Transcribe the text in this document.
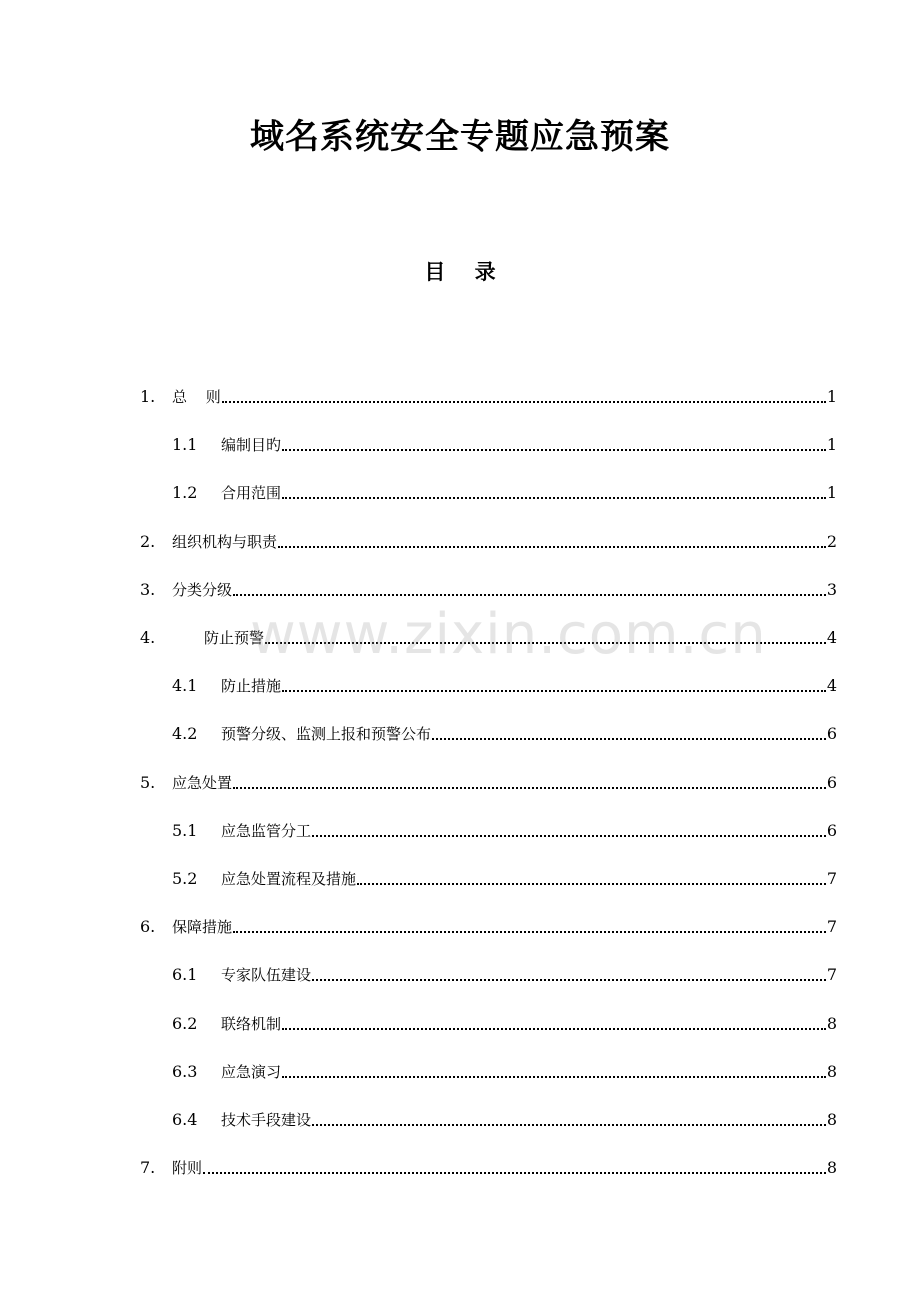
域名系统安全专题应急预案
目 录
1.	总 则	1
1.1	编制目旳	1
1.2	合用范围	1
2.	组织机构与职责	2
3.	分类分级	3
4.	防止预警	4
4.1	防止措施	4
4.2	预警分级、监测上报和预警公布	6
5.	应急处置	6
5.1	应急监管分工	6
5.2	应急处置流程及措施	7
6.	保障措施	7
6.1	专家队伍建设	7
6.2	联络机制	8
6.3	应急演习	8
6.4	技术手段建设	8
7.	附则	8
www.zixin.com.cn
